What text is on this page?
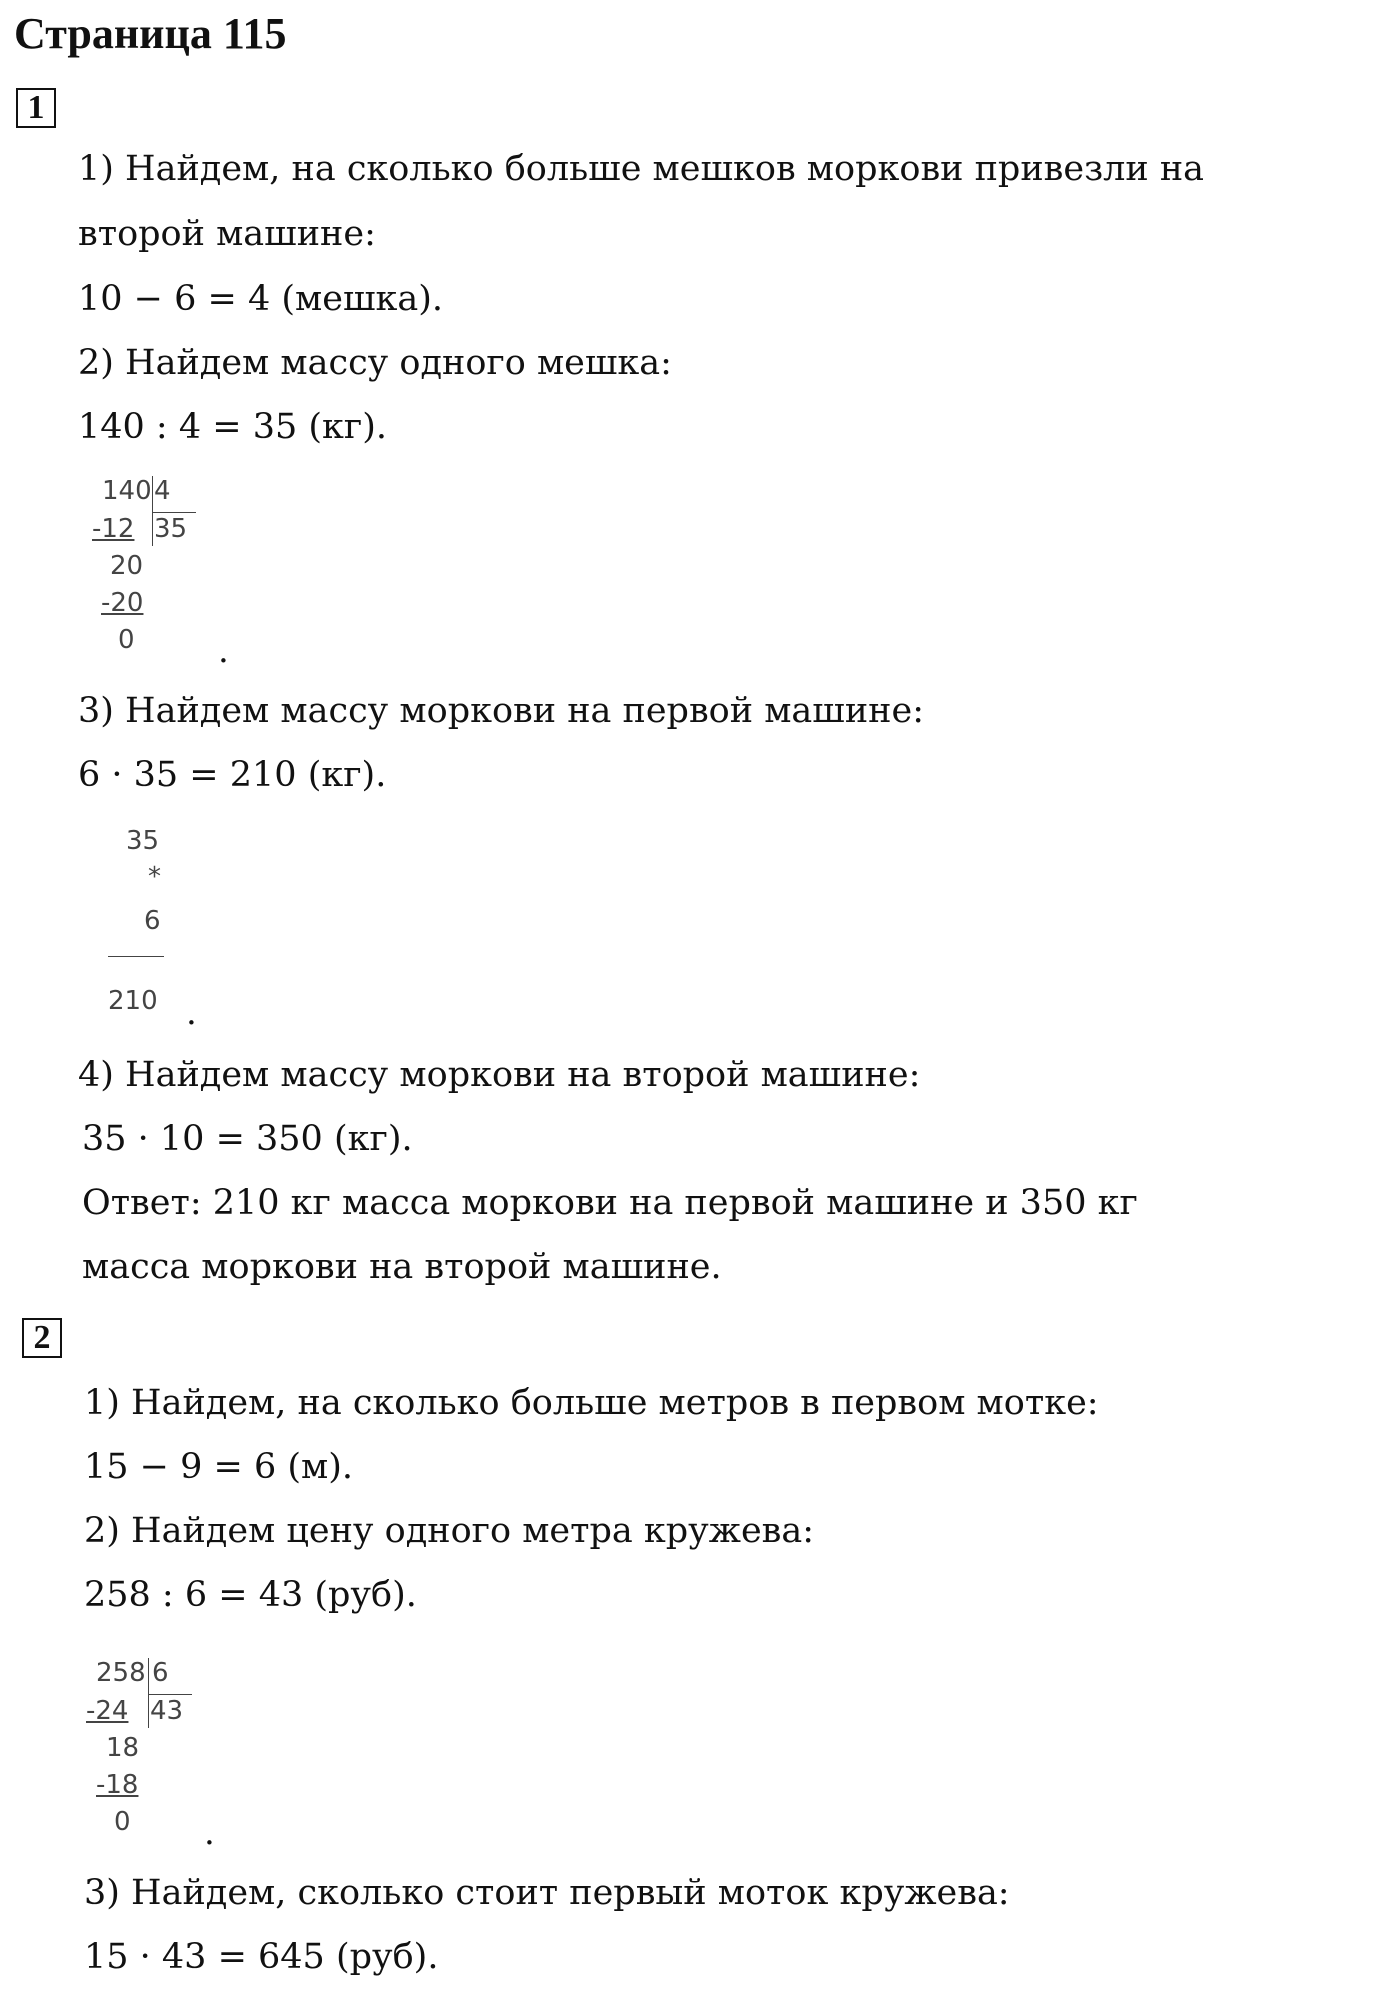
Страница 115
1
1) Найдем, на сколько больше мешков моркови привезли на
второй машине:
10 − 6 = 4 (мешка).
2) Найдем массу одного мешка:
140 : 4 = 35 (кг).
140 4
35
-12
20
-20
0 .
3) Найдем массу моркови на первой машине:
6 · 35 = 210 (кг).
35
*
6
210 .
4) Найдем массу моркови на второй машине:
35 · 10 = 350 (кг).
Ответ: 210 кг масса моркови на первой машине и 350 кг
масса моркови на второй машине.
2
1) Найдем, на сколько больше метров в первом мотке:
15 − 9 = 6 (м).
2) Найдем цену одного метра кружева:
258 : 6 = 43 (руб).
258 6
43
-24
18
-18
0 .
3) Найдем, сколько стоит первый моток кружева:
15 · 43 = 645 (руб).
